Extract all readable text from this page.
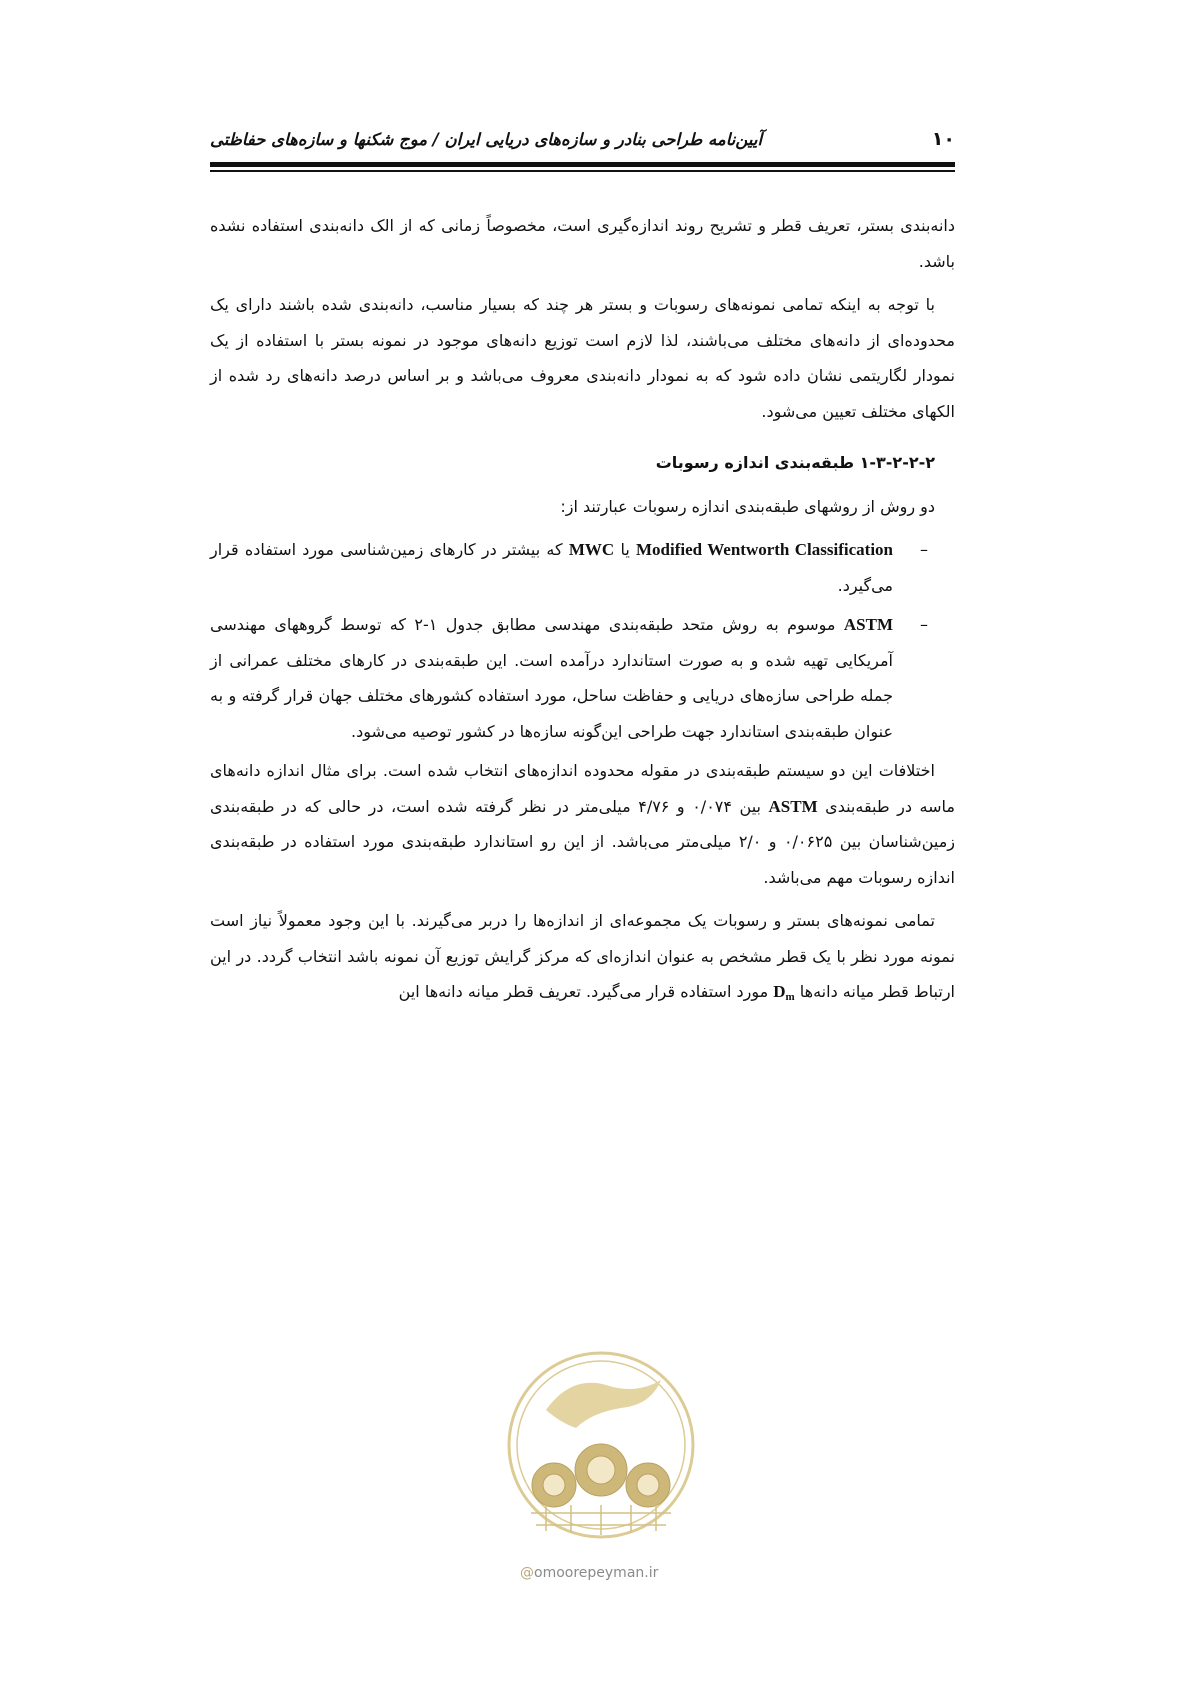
۱۰
آیین‌نامه طراحی بنادر و سازه‌های دریایی ایران / موج شکنها و سازه‌های حفاظتی

دانه‌بندی بستر، تعریف قطر و تشریح روند اندازه‌گیری است، مخصوصاً زمانی که از الک دانه‌بندی استفاده نشده باشد.

با توجه به اینکه تمامی نمونه‌های رسوبات و بستر هر چند که بسیار مناسب، دانه‌بندی شده باشند دارای یک محدوده‌ای از دانه‌های مختلف می‌باشند، لذا لازم است توزیع دانه‌های موجود در نمونه بستر با استفاده از یک نمودار لگاریتمی نشان داده شود که به نمودار دانه‌بندی معروف می‌باشد و بر اساس درصد دانه‌های رد شده از الکهای مختلف تعیین می‌شود.

۱-۳-۲-۲-۲ طبقه‌بندی اندازه رسوبات

دو روش از روشهای طبقه‌بندی اندازه رسوبات عبارتند از:

–
Modified Wentworth Classification یا MWC که بیشتر در کارهای زمین‌شناسی مورد استفاده قرار می‌گیرد.
–
ASTM موسوم به روش متحد طبقه‌بندی مهندسی مطابق جدول ۱-۲ که توسط گروههای مهندسی آمریکایی تهیه شده و به صورت استاندارد درآمده است. این طبقه‌بندی در کارهای مختلف عمرانی از جمله طراحی سازه‌های دریایی و حفاظت ساحل، مورد استفاده کشورهای مختلف جهان قرار گرفته و به عنوان طبقه‌بندی استاندارد جهت طراحی این‌گونه سازه‌ها در کشور توصیه می‌شود.

اختلافات این دو سیستم طبقه‌بندی در مقوله محدوده اندازه‌های انتخاب شده است. برای مثال اندازه دانه‌های ماسه در طبقه‌بندی ASTM بین ۰/۰۷۴ و ۴/۷۶ میلی‌متر در نظر گرفته شده است، در حالی که در طبقه‌بندی زمین‌شناسان بین ۰/۰۶۲۵ و ۲/۰ میلی‌متر می‌باشد. از این رو استاندارد طبقه‌بندی مورد استفاده در طبقه‌بندی اندازه رسوبات مهم می‌باشد.

تمامی نمونه‌های بستر و رسوبات یک مجموعه‌ای از اندازه‌ها را دربر می‌گیرند. با این وجود معمولاً نیاز است نمونه مورد نظر با یک قطر مشخص به عنوان اندازه‌ای که مرکز گرایش توزیع آن نمونه باشد انتخاب گردد. در این ارتباط قطر میانه دانه‌ها $D_m$ مورد استفاده قرار می‌گیرد. تعریف قطر میانه دانه‌ها این

@omoorepeyman.ir
